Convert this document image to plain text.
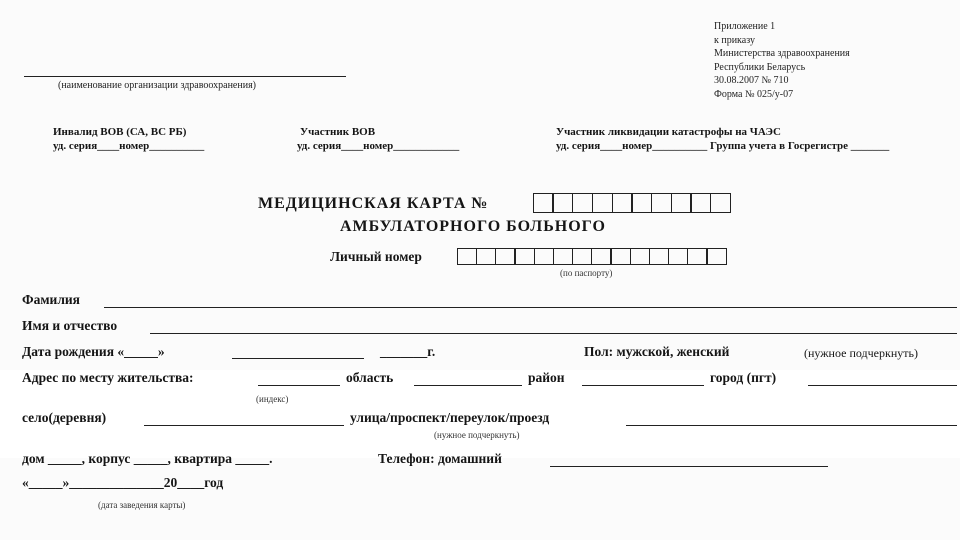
Приложение 1
к приказу
Министерства здравоохранения
Республики Беларусь
30.08.2007 № 710
Форма № 025/у-07
(наименование организации здравоохранения)
Инвалид ВОВ (СА, ВС РБ)
уд. серия____номер__________
Участник ВОВ
уд. серия____номер____________
Участник ликвидации катастрофы на ЧАЭС
уд. серия____номер__________ Группа учета в Госрегистре _______
МЕДИЦИНСКАЯ КАРТА №
АМБУЛАТОРНОГО БОЛЬНОГО
Личный номер
(по паспорту)
Фамилия
Имя и отчество
Дата рождения «_____»	_______г.	Пол: мужской, женский	(нужное подчеркнуть)
Адрес по месту жительства:	область	район	город (пгт)
(индекс)
село(деревня)	улица/проспект/переулок/проезд
(нужное подчеркнуть)
дом _____, корпус _____, квартира _____.	Телефон: домашний
«_____»______________20____год
(дата заведения карты)
